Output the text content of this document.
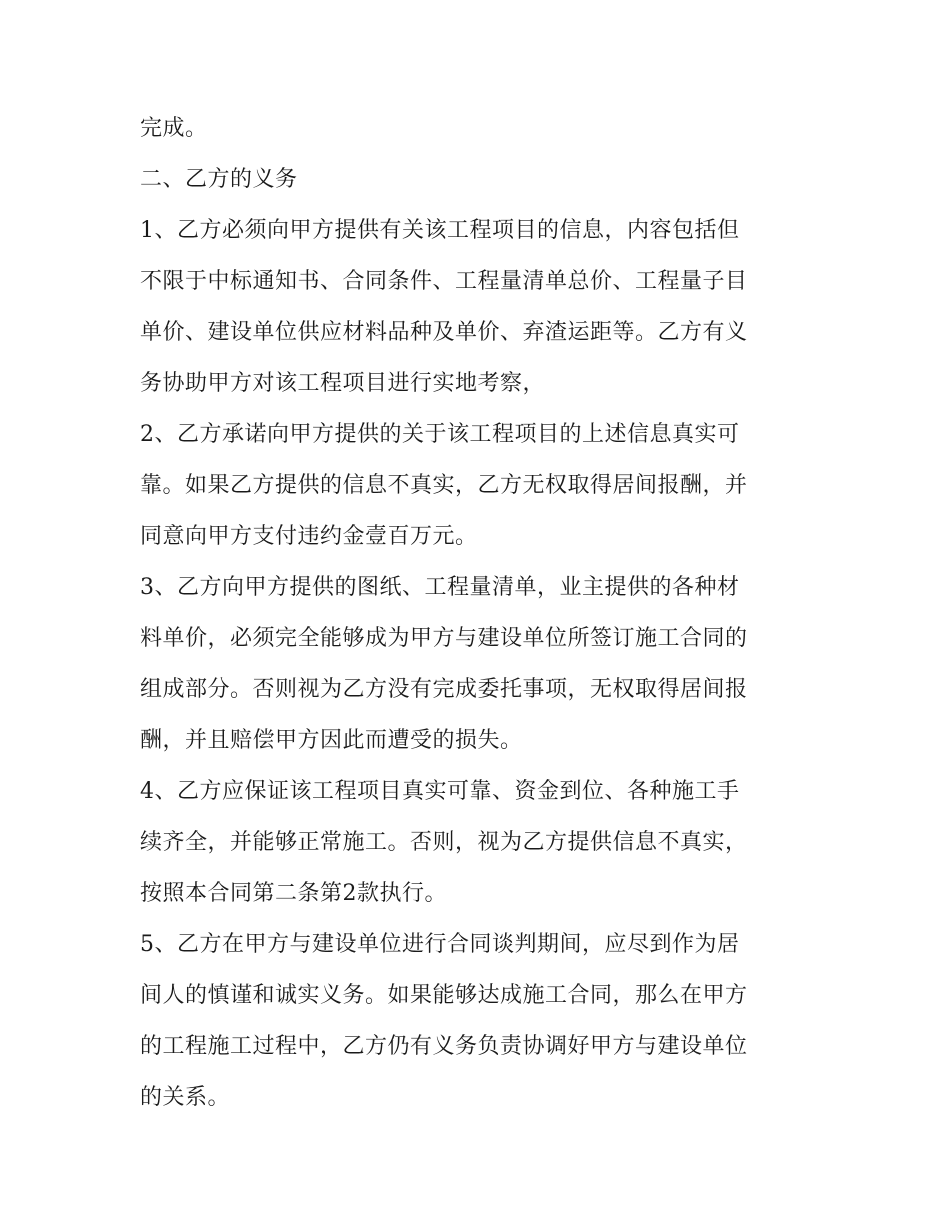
完成。
二、乙方的义务
1、乙方必须向甲方提供有关该工程项目的信息，内容包括但
不限于中标通知书、合同条件、工程量清单总价、工程量子目
单价、建设单位供应材料品种及单价、弃渣运距等。乙方有义
务协助甲方对该工程项目进行实地考察，
2、乙方承诺向甲方提供的关于该工程项目的上述信息真实可
靠。如果乙方提供的信息不真实，乙方无权取得居间报酬，并
同意向甲方支付违约金壹百万元。
3、乙方向甲方提供的图纸、工程量清单，业主提供的各种材
料单价，必须完全能够成为甲方与建设单位所签订施工合同的
组成部分。否则视为乙方没有完成委托事项，无权取得居间报
酬，并且赔偿甲方因此而遭受的损失。
4、乙方应保证该工程项目真实可靠、资金到位、各种施工手
续齐全，并能够正常施工。否则，视为乙方提供信息不真实，
按照本合同第二条第2款执行。
5、乙方在甲方与建设单位进行合同谈判期间，应尽到作为居
间人的慎谨和诚实义务。如果能够达成施工合同，那么在甲方
的工程施工过程中，乙方仍有义务负责协调好甲方与建设单位
的关系。
